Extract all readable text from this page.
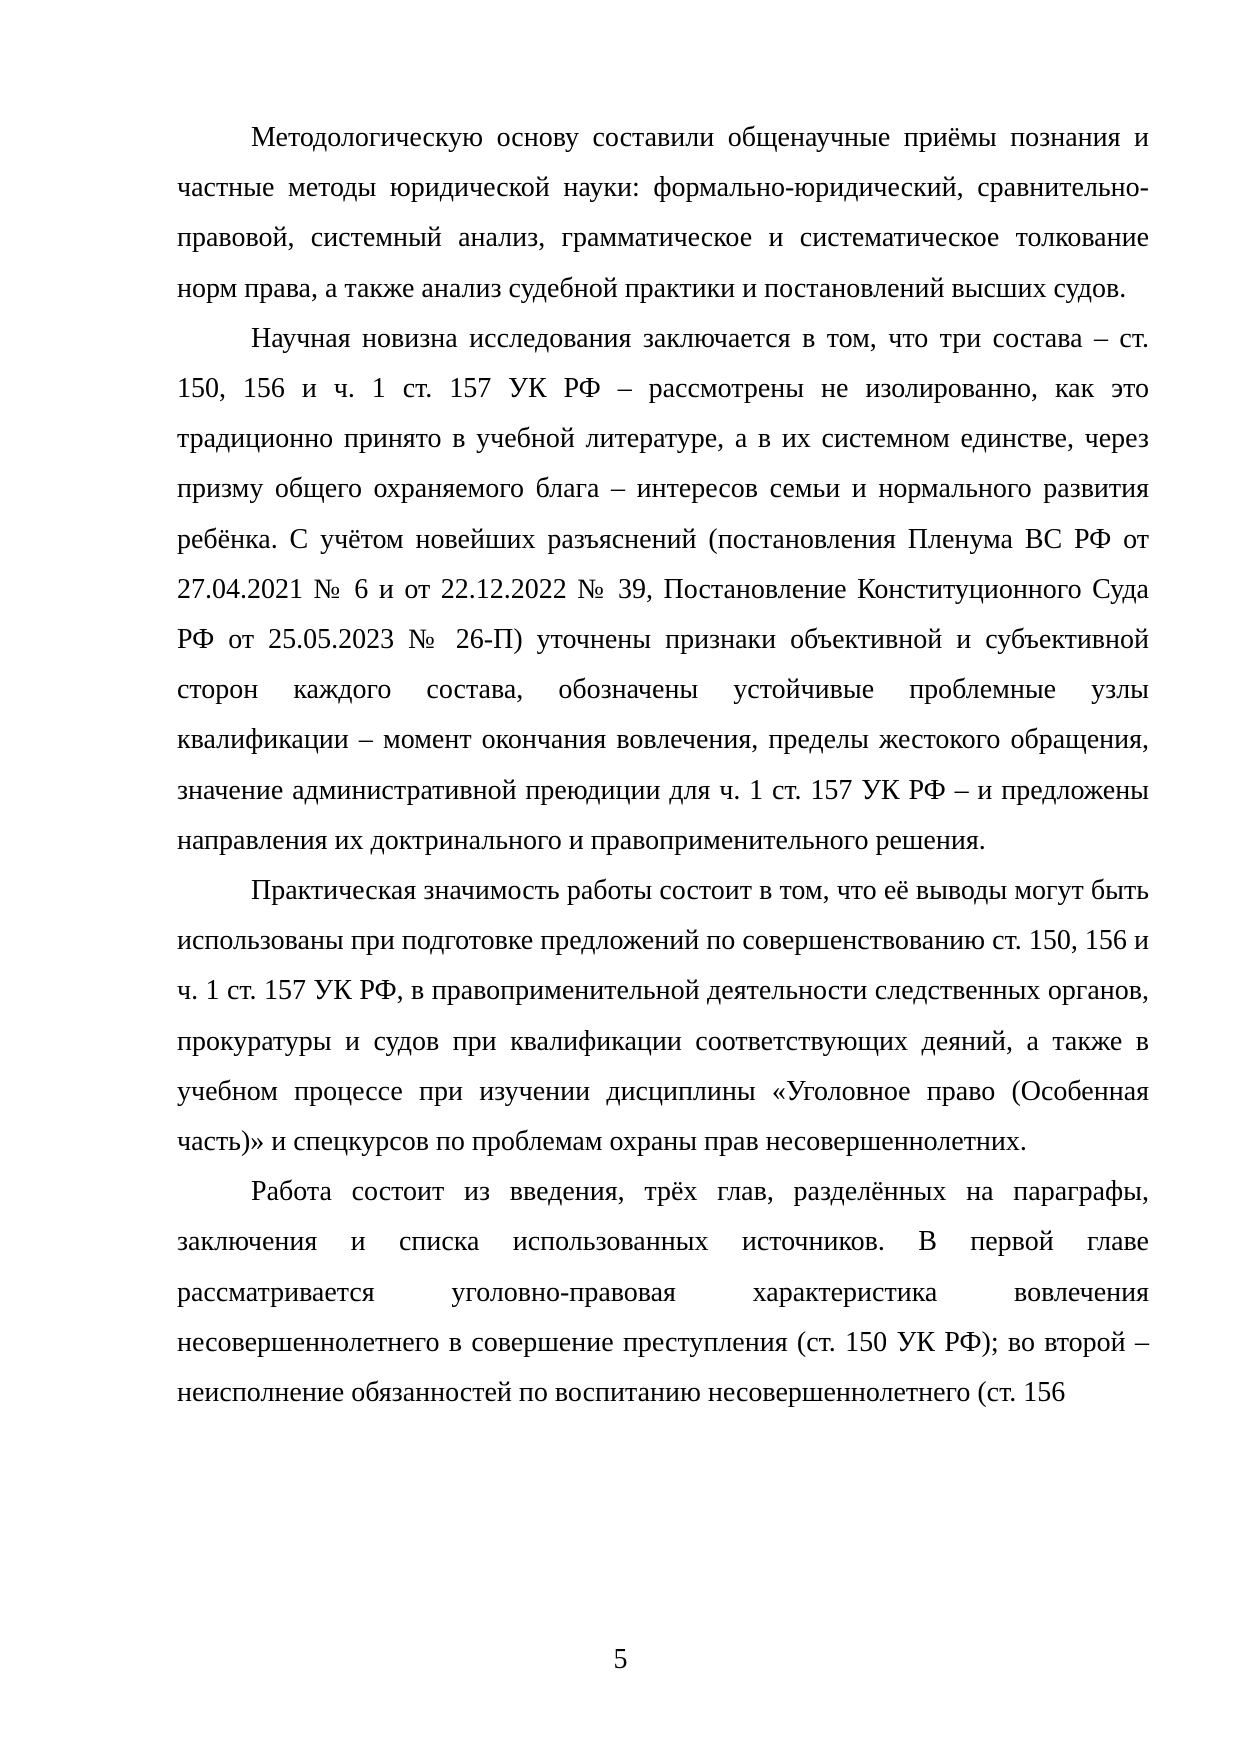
Методологическую основу составили общенаучные приёмы познания и частные методы юридической науки: формально-юридический, сравнительно-правовой, системный анализ, грамматическое и систематическое толкование норм права, а также анализ судебной практики и постановлений высших судов.

Научная новизна исследования заключается в том, что три состава – ст. 150, 156 и ч. 1 ст. 157 УК РФ – рассмотрены не изолированно, как это традиционно принято в учебной литературе, а в их системном единстве, через призму общего охраняемого блага – интересов семьи и нормального развития ребёнка. С учётом новейших разъяснений (постановления Пленума ВС РФ от 27.04.2021 № 6 и от 22.12.2022 № 39, Постановление Конституционного Суда РФ от 25.05.2023 № 26-П) уточнены признаки объективной и субъективной сторон каждого состава, обозначены устойчивые проблемные узлы квалификации – момент окончания вовлечения, пределы жестокого обращения, значение административной преюдиции для ч. 1 ст. 157 УК РФ – и предложены направления их доктринального и правоприменительного решения.

Практическая значимость работы состоит в том, что её выводы могут быть использованы при подготовке предложений по совершенствованию ст. 150, 156 и ч. 1 ст. 157 УК РФ, в правоприменительной деятельности следственных органов, прокуратуры и судов при квалификации соответствующих деяний, а также в учебном процессе при изучении дисциплины «Уголовное право (Особенная часть)» и спецкурсов по проблемам охраны прав несовершеннолетних.

Работа состоит из введения, трёх глав, разделённых на параграфы, заключения и списка использованных источников. В первой главе рассматривается уголовно-правовая характеристика вовлечения несовершеннолетнего в совершение преступления (ст. 150 УК РФ); во второй – неисполнение обязанностей по воспитанию несовершеннолетнего (ст. 156

5
